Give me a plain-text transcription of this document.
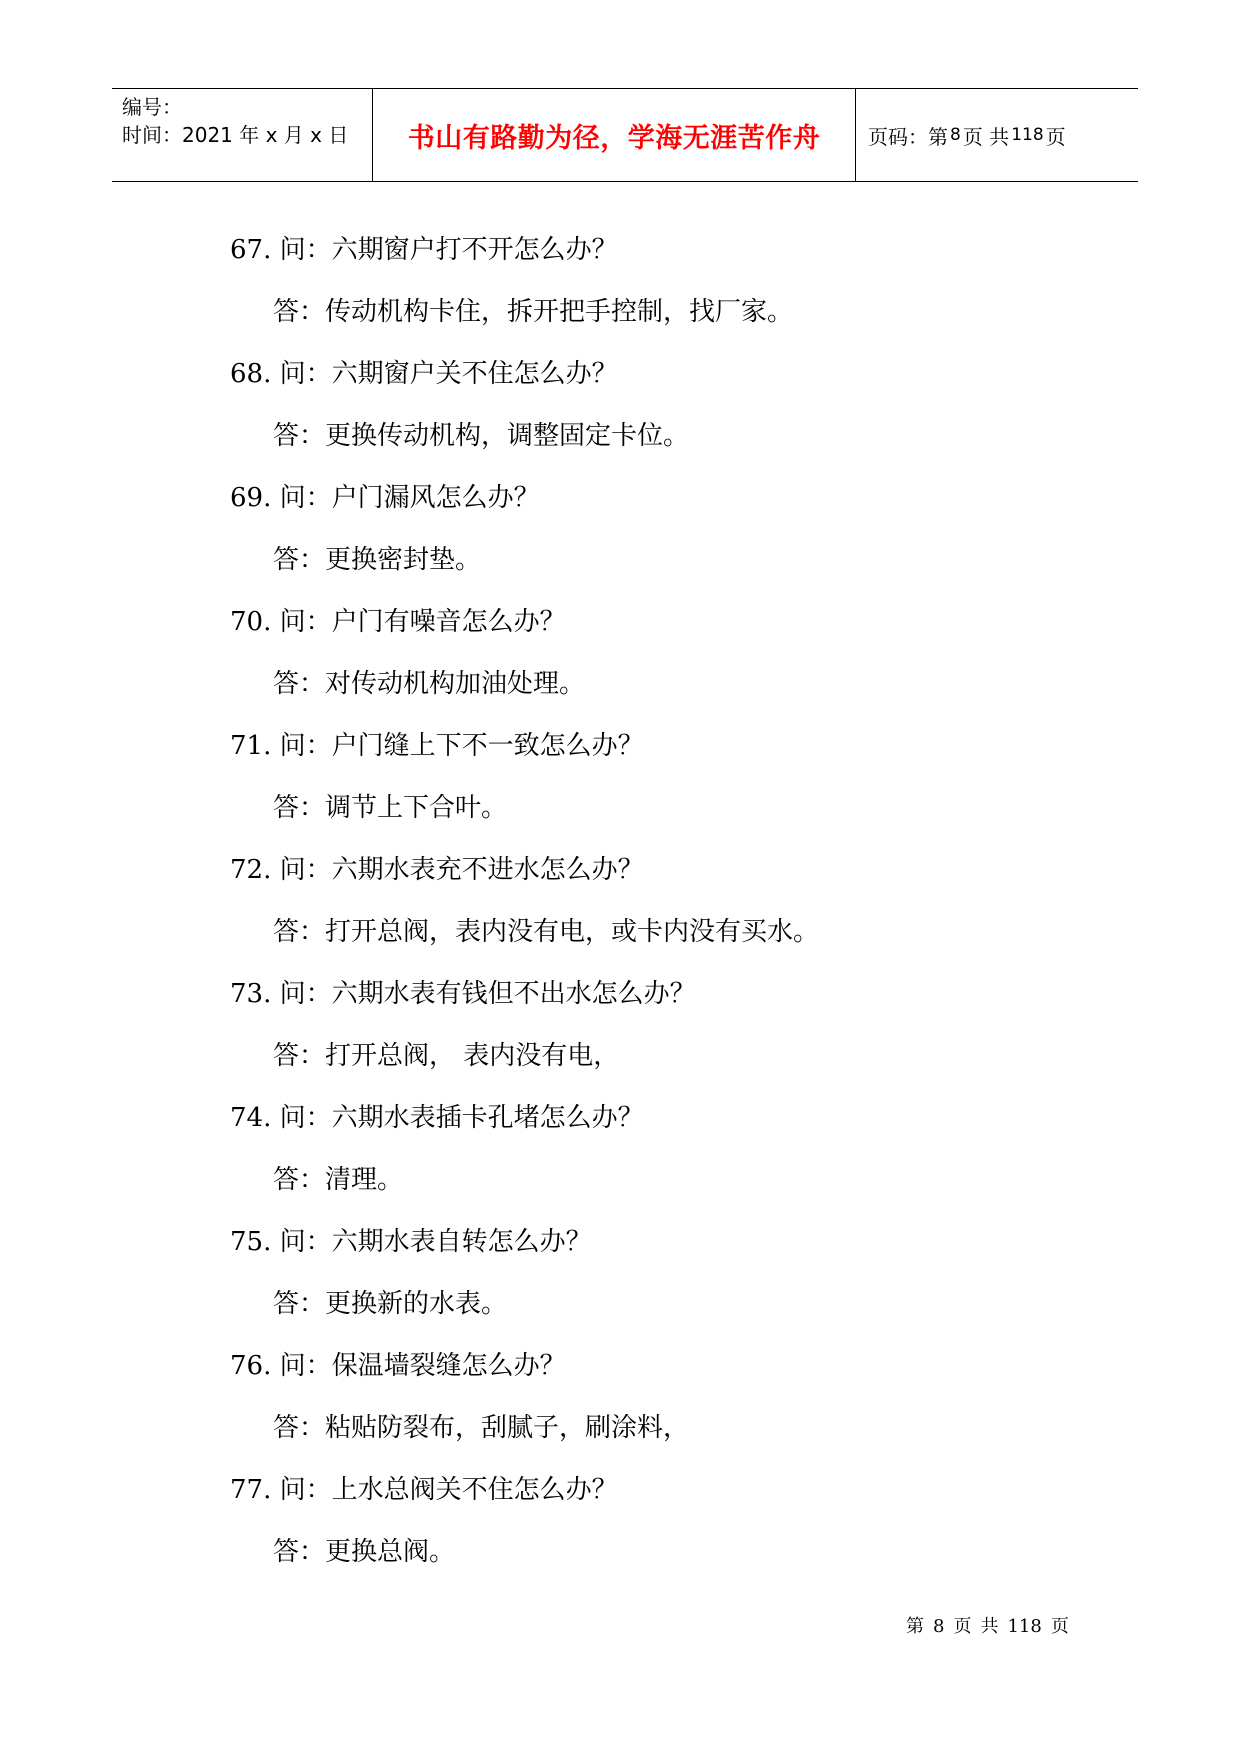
编号：
时间：2021 年 x 月 x 日 书山有路勤为径，学海无涯苦作舟 页码：第 8 页 共 118 页
67. 问：六期窗户打不开怎么办？
答：传动机构卡住，拆开把手控制，找厂家。
68. 问：六期窗户关不住怎么办？
答：更换传动机构，调整固定卡位。
69. 问：户门漏风怎么办？
答：更换密封垫。
70. 问：户门有噪音怎么办？
答：对传动机构加油处理。
71. 问：户门缝上下不一致怎么办？
答：调节上下合叶。
72. 问：六期水表充不进水怎么办？
答：打开总阀，表内没有电，或卡内没有买水。
73. 问：六期水表有钱但不出水怎么办？
答：打开总阀， 表内没有电，
74. 问：六期水表插卡孔堵怎么办？
答：清理。
75. 问：六期水表自转怎么办？
答：更换新的水表。
76. 问：保温墙裂缝怎么办？
答：粘贴防裂布，刮腻子，刷涂料，
77. 问：上水总阀关不住怎么办？
答：更换总阀。
第 8 页 共 118 页
